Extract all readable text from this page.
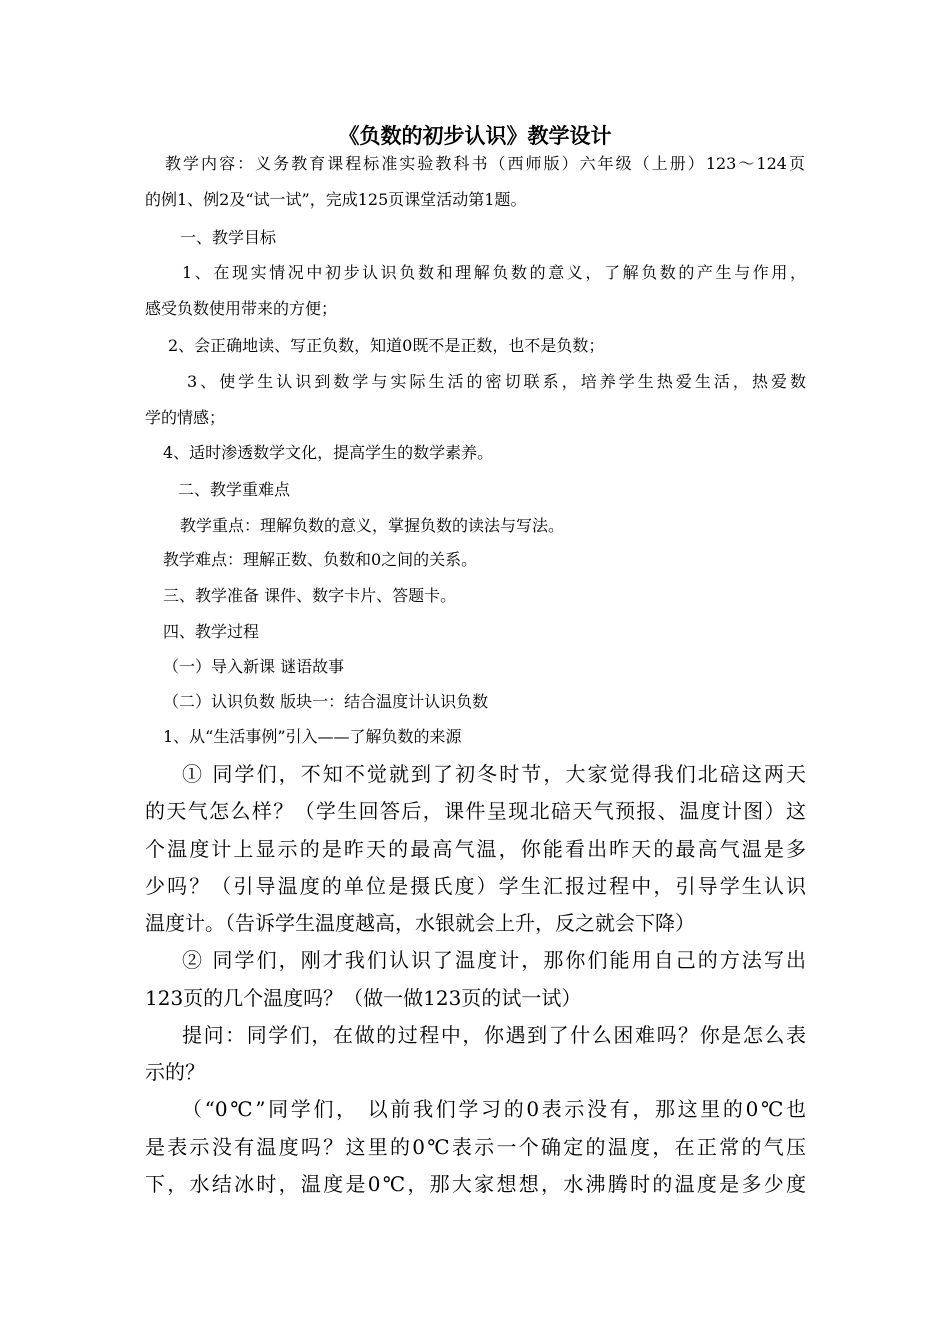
《负数的初步认识》教学设计
教学内容：义务教育课程标准实验教科书（西师版）六年级（上册）123～124页
的例1、例2及“试一试”，完成125页课堂活动第1题。
一、教学目标
1、在现实情况中初步认识负数和理解负数的意义，了解负数的产生与作用，
感受负数使用带来的方便；
2、会正确地读、写正负数，知道0既不是正数，也不是负数；
3、使学生认识到数学与实际生活的密切联系，培养学生热爱生活，热爱数
学的情感；
4、适时渗透数学文化，提高学生的数学素养。
二、教学重难点
教学重点：理解负数的意义，掌握负数的读法与写法。
教学难点：理解正数、负数和0之间的关系。
三、教学准备 课件、数字卡片、答题卡。
四、教学过程
（一）导入新课 谜语故事
（二）认识负数 版块一：结合温度计认识负数
1、从“生活事例”引入——了解负数的来源
① 同学们，不知不觉就到了初冬时节，大家觉得我们北碚这两天
的天气怎么样？（学生回答后，课件呈现北碚天气预报、温度计图）这
个温度计上显示的是昨天的最高气温，你能看出昨天的最高气温是多
少吗？（引导温度的单位是摄氏度）学生汇报过程中，引导学生认识
温度计。（告诉学生温度越高，水银就会上升，反之就会下降）
② 同学们，刚才我们认识了温度计，那你们能用自己的方法写出
123页的几个温度吗？（做一做123页的试一试）
提问：同学们，在做的过程中，你遇到了什么困难吗？你是怎么表
示的？
（“0℃”同学们， 以前我们学习的0表示没有，那这里的0℃也
是表示没有温度吗？这里的0℃表示一个确定的温度，在正常的气压
下，水结冰时，温度是0℃，那大家想想，水沸腾时的温度是多少度
